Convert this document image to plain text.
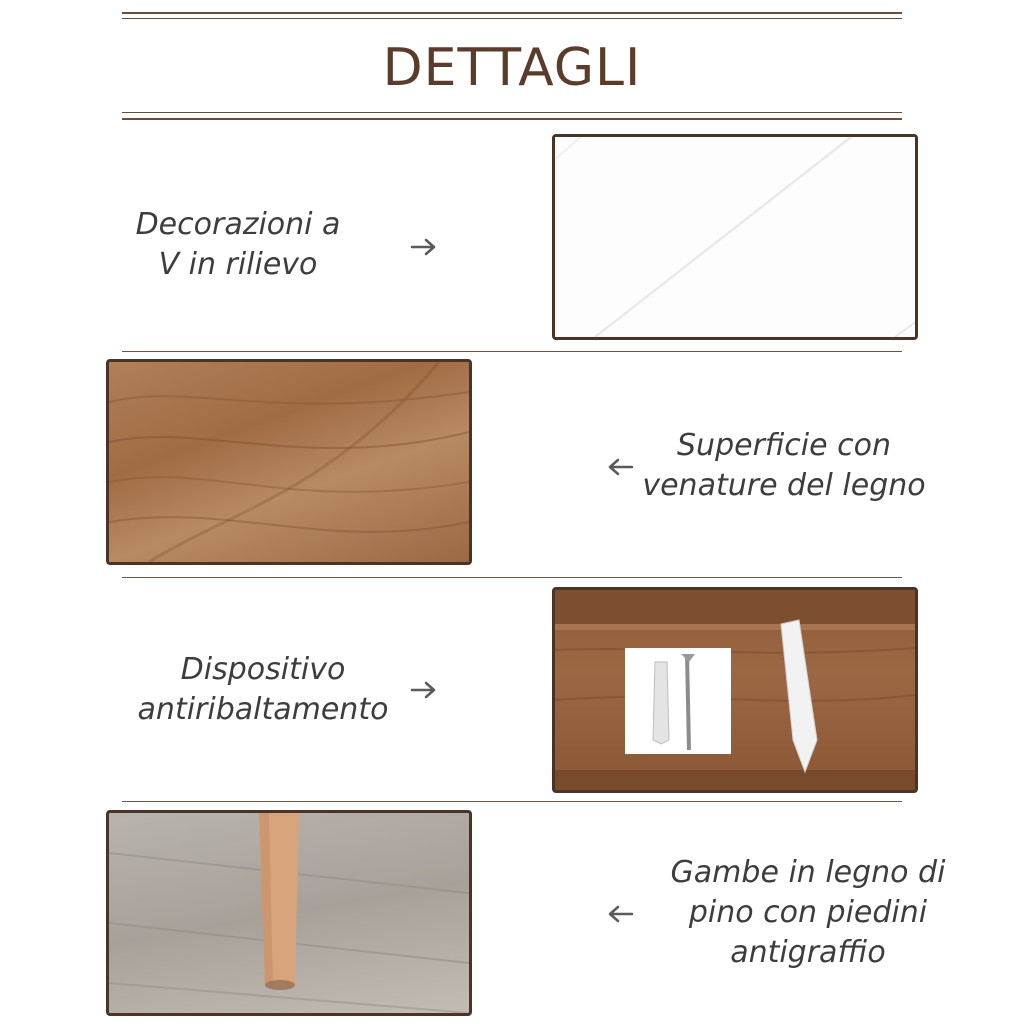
DETTAGLI
Decorazioni a
V in rilievo
Superficie con
venature del legno
Dispositivo
antiribaltamento
Gambe in legno di
pino con piedini
antigraffio
